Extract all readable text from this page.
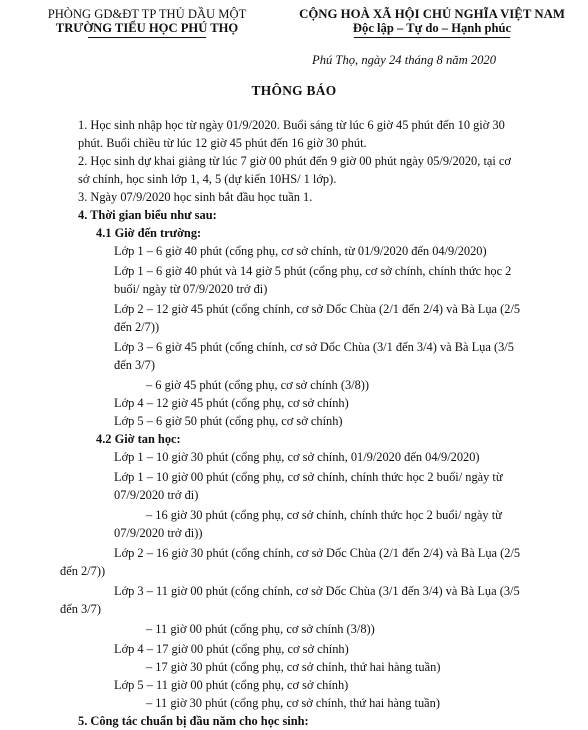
PHÒNG GD&ĐT TP THỦ DẦU MỘT
TRƯỜNG TIỂU HỌC PHÚ THỌ
CỘNG HOÀ XÃ HỘI CHỦ NGHĨA VIỆT NAM
Độc lập – Tự do – Hạnh phúc
Phú Thọ, ngày 24 tháng 8 năm 2020
THÔNG BÁO
1. Học sinh nhập học từ ngày 01/9/2020. Buổi sáng từ lúc 6 giờ 45 phút đến 10 giờ 30
phút. Buổi chiều từ lúc 12 giờ 45 phút đến 16 giờ 30 phút.
2. Học sinh dự khai giảng từ lúc 7 giờ 00 phút đến 9 giờ 00 phút ngày 05/9/2020, tại cơ
sở chính, học sinh lớp 1, 4, 5 (dự kiến 10HS/ 1 lớp).
3. Ngày 07/9/2020 học sinh bắt đầu học tuần 1.
4. Thời gian biểu như sau:
4.1 Giờ đến trường:
Lớp 1 – 6 giờ 40 phút (cổng phụ, cơ sở chính, từ 01/9/2020 đến 04/9/2020)
Lớp 1 – 6 giờ 40 phút và 14 giờ 5 phút (cổng phụ, cơ sở chính, chính thức học 2
buổi/ ngày từ 07/9/2020 trở đi)
Lớp 2 – 12 giờ 45 phút (cổng chính, cơ sở Dốc Chùa (2/1 đến 2/4) và Bà Lụa (2/5
đến 2/7))
Lớp 3 – 6 giờ 45 phút (cổng chính, cơ sở Dốc Chùa (3/1 đến 3/4) và Bà Lụa (3/5
đến 3/7)
– 6 giờ 45 phút (cổng phụ, cơ sở chính (3/8))
Lớp 4 – 12 giờ 45 phút (cổng phụ, cơ sở chính)
Lớp 5 – 6 giờ 50 phút (cổng phụ, cơ sở chính)
4.2 Giờ tan học:
Lớp 1 – 10 giờ 30 phút (cổng phụ, cơ sở chính, 01/9/2020 đến 04/9/2020)
Lớp 1 – 10 giờ 00 phút (cổng phụ, cơ sở chính, chính thức học 2 buổi/ ngày từ
07/9/2020 trở đi)
– 16 giờ 30 phút (cổng phụ, cơ sở chính, chính thức học 2 buổi/ ngày từ
07/9/2020 trở đi))
Lớp 2 – 16 giờ 30 phút (cổng chính, cơ sở Dốc Chùa (2/1 đến 2/4) và Bà Lụa (2/5
đến 2/7))
Lớp 3 – 11 giờ 00 phút (cổng chính, cơ sở Dốc Chùa (3/1 đến 3/4) và Bà Lụa (3/5
đến 3/7)
– 11 giờ 00 phút (cổng phụ, cơ sở chính (3/8))
Lớp 4 – 17 giờ 00 phút (cổng phụ, cơ sở chính)
– 17 giờ 30 phút (cổng phụ, cơ sở chính, thứ hai hàng tuần)
Lớp 5 – 11 giờ 00 phút (cổng phụ, cơ sở chính)
– 11 giờ 30 phút (cổng phụ, cơ sở chính, thứ hai hàng tuần)
5. Công tác chuẩn bị đầu năm cho học sinh:
